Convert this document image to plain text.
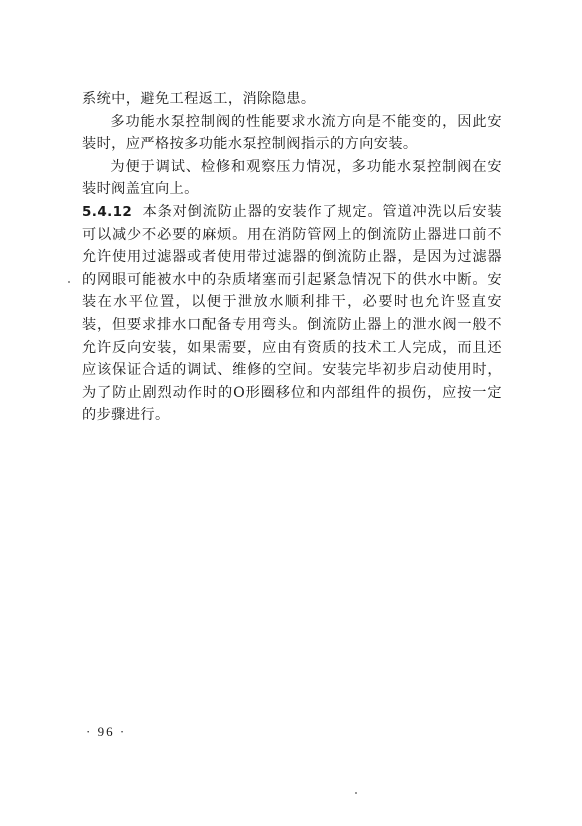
系统中，避免工程返工，消除隐患。

多功能水泵控制阀的性能要求水流方向是不能变的，因此安装时，应严格按多功能水泵控制阀指示的方向安装。

为便于调试、检修和观察压力情况，多功能水泵控制阀在安装时阀盖宜向上。

5.4.12 本条对倒流防止器的安装作了规定。管道冲洗以后安装可以减少不必要的麻烦。用在消防管网上的倒流防止器进口前不允许使用过滤器或者使用带过滤器的倒流防止器，是因为过滤器的网眼可能被水中的杂质堵塞而引起紧急情况下的供水中断。安装在水平位置，以便于泄放水顺利排干，必要时也允许竖直安装，但要求排水口配备专用弯头。倒流防止器上的泄水阀一般不允许反向安装，如果需要，应由有资质的技术工人完成，而且还应该保证合适的调试、维修的空间。安装完毕初步启动使用时，为了防止剧烈动作时的O形圈移位和内部组件的损伤，应按一定的步骤进行。

· 96 ·
